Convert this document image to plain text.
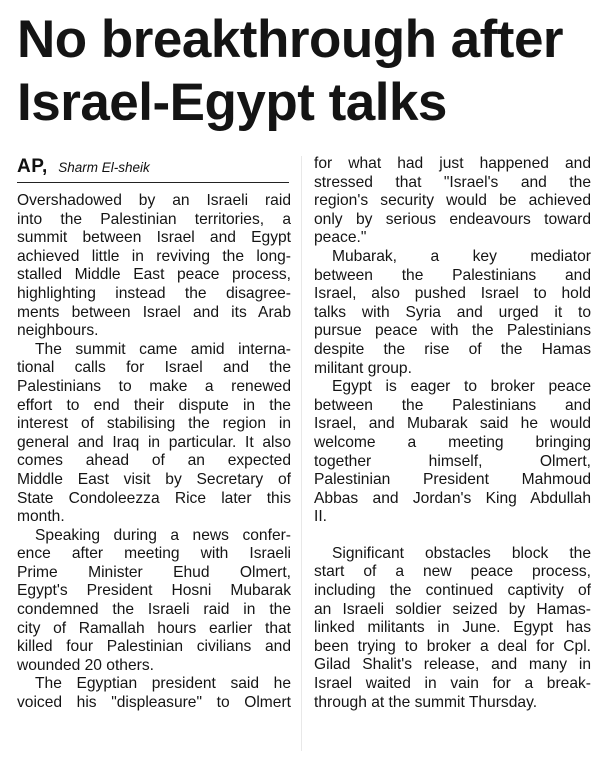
No breakthrough after
Israel-Egypt talks
AP, Sharm El-sheik

Overshadowed by an Israeli raid
into the Palestinian territories, a
summit between Israel and Egypt
achieved little in reviving the long-
stalled Middle East peace process,
highlighting instead the disagree-
ments between Israel and its Arab
neighbours.

The summit came amid interna-
tional calls for Israel and the
Palestinians to make a renewed
effort to end their dispute in the
interest of stabilising the region in
general and Iraq in particular. It also
comes ahead of an expected
Middle East visit by Secretary of
State Condoleezza Rice later this
month.

Speaking during a news confer-
ence after meeting with Israeli
Prime Minister Ehud Olmert,
Egypt's President Hosni Mubarak
condemned the Israeli raid in the
city of Ramallah hours earlier that
killed four Palestinian civilians and
wounded 20 others.

The Egyptian president said he
voiced his "displeasure" to Olmert

for what had just happened and
stressed that "Israel's and the
region's security would be achieved
only by serious endeavours toward
peace."

Mubarak, a key mediator
between the Palestinians and
Israel, also pushed Israel to hold
talks with Syria and urged it to
pursue peace with the Palestinians
despite the rise of the Hamas
militant group.

Egypt is eager to broker peace
between the Palestinians and
Israel, and Mubarak said he would
welcome a meeting bringing
together himself, Olmert,
Palestinian President Mahmoud
Abbas and Jordan's King Abdullah
II.

Significant obstacles block the
start of a new peace process,
including the continued captivity of
an Israeli soldier seized by Hamas-
linked militants in June. Egypt has
been trying to broker a deal for Cpl.
Gilad Shalit's release, and many in
Israel waited in vain for a break-
through at the summit Thursday.
